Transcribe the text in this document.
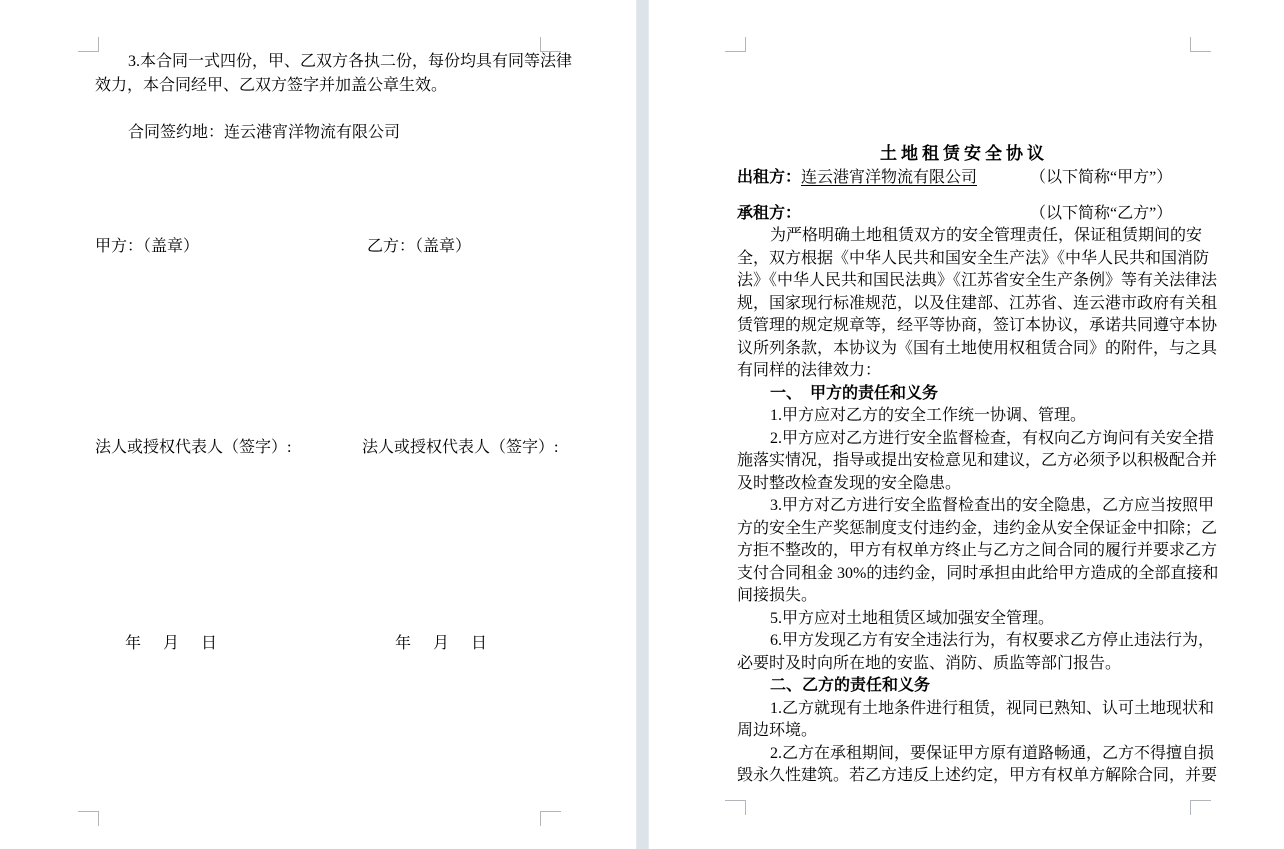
3.本合同一式四份，甲、乙双方各执二份，每份均具有同等法律
效力，本合同经甲、乙双方签字并加盖公章生效。
合同签约地：连云港宵洋物流有限公司
甲方：（盖章）	乙方：（盖章）
法人或授权代表人（签字）:	法人或授权代表人（签字）:
年　月　日	年　月　日
土地租赁安全协议
出租方：连云港宵洋物流有限公司	（以下简称“甲方”）
承租方：	（以下简称“乙方”）
为严格明确土地租赁双方的安全管理责任，保证租赁期间的安
全，双方根据《中华人民共和国安全生产法》《中华人民共和国消防
法》《中华人民共和国民法典》《江苏省安全生产条例》等有关法律法
规，国家现行标准规范，以及住建部、江苏省、连云港市政府有关租
赁管理的规定规章等，经平等协商，签订本协议，承诺共同遵守本协
议所列条款，本协议为《国有土地使用权租赁合同》的附件，与之具
有同样的法律效力：
一、　甲方的责任和义务
1.甲方应对乙方的安全工作统一协调、管理。
2.甲方应对乙方进行安全监督检查，有权向乙方询问有关安全措
施落实情况，指导或提出安检意见和建议，乙方必须予以积极配合并
及时整改检查发现的安全隐患。
3.甲方对乙方进行安全监督检查出的安全隐患，乙方应当按照甲
方的安全生产奖惩制度支付违约金，违约金从安全保证金中扣除；乙
方拒不整改的，甲方有权单方终止与乙方之间合同的履行并要求乙方
支付合同租金 30%的违约金，同时承担由此给甲方造成的全部直接和
间接损失。
5.甲方应对土地租赁区域加强安全管理。
6.甲方发现乙方有安全违法行为，有权要求乙方停止违法行为，
必要时及时向所在地的安监、消防、质监等部门报告。
二、乙方的责任和义务
1.乙方就现有土地条件进行租赁，视同已熟知、认可土地现状和
周边环境。
2.乙方在承租期间，要保证甲方原有道路畅通，乙方不得擅自损
毁永久性建筑。若乙方违反上述约定，甲方有权单方解除合同，并要
